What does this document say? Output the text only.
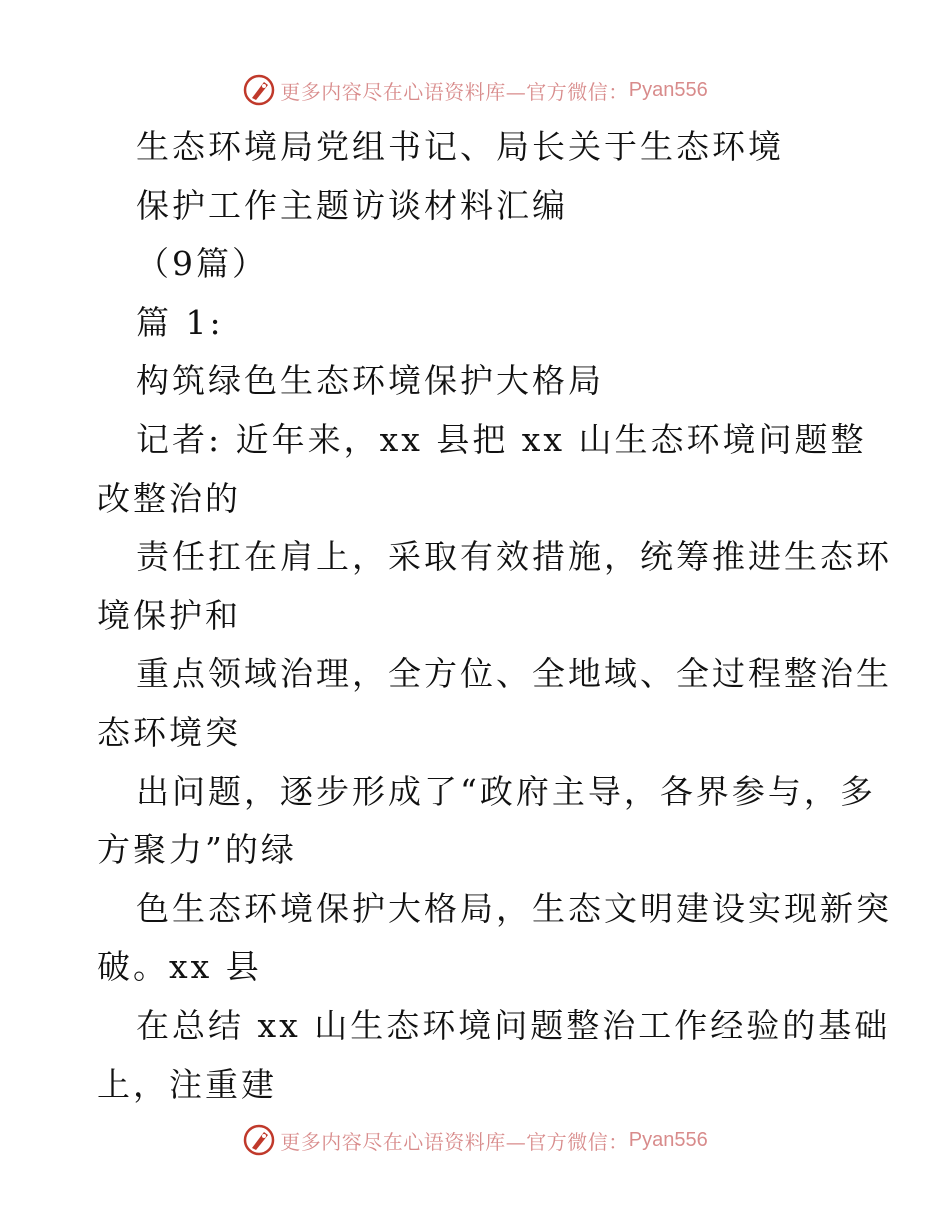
更多内容尽在心语资料库—官方微信： Pyan556

生态环境局党组书记、局长关于生态环境

保护工作主题访谈材料汇编

（9篇）

篇 1:

构筑绿色生态环境保护大格局

记者: 近年来，xx 县把 xx 山生态环境问题整

改整治的

责任扛在肩上，采取有效措施，统筹推进生态环

境保护和

重点领域治理，全方位、全地域、全过程整治生

态环境突

出问题，逐步形成了“政府主导，各界参与，多

方聚力”的绿

色生态环境保护大格局，生态文明建设实现新突

破。xx 县

在总结 xx 山生态环境问题整治工作经验的基础

上，注重建

更多内容尽在心语资料库—官方微信： Pyan556
